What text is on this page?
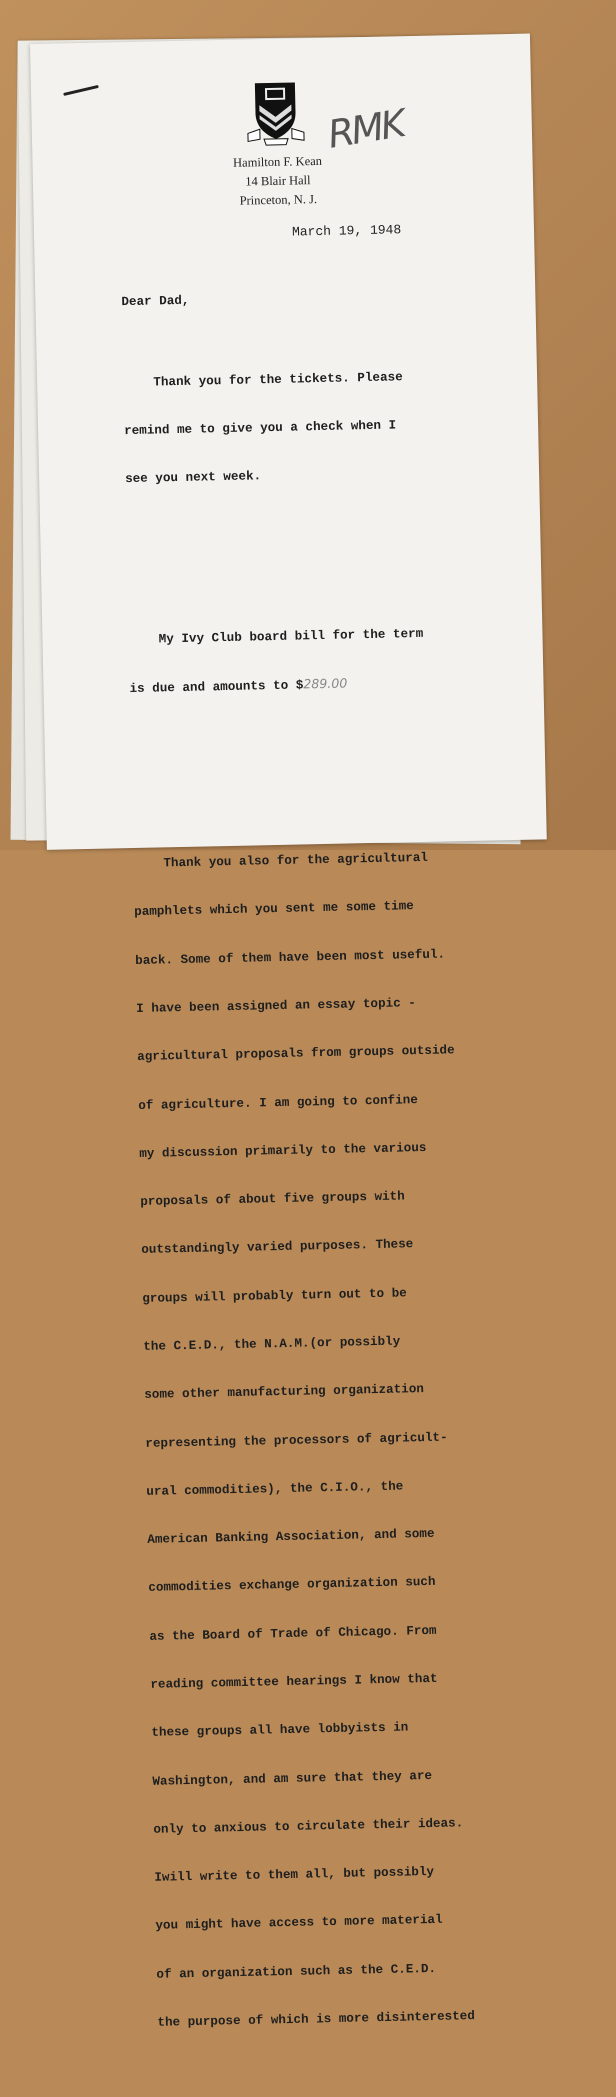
RMK
Hamilton F. Kean
14 Blair Hall
Princeton, N. J.
March 19, 1948

Dear Dad,

Thank you for the tickets. Please

remind me to give you a check when I

see you next week.

My Ivy Club board bill for the term

is due and amounts to $289.00

Thank you also for the agricultural

pamphlets which you sent me some time

back. Some of them have been most useful.

I have been assigned an essay topic -

agricultural proposals from groups outside

of agriculture. I am going to confine

my discussion primarily to the various

proposals of about five groups with

outstandingly varied purposes. These

groups will probably turn out to be

the C.E.D., the N.A.M.(or possibly

some other manufacturing organization

representing the processors of agricult-

ural commodities), the C.I.O., the

American Banking Association, and some

commodities exchange organization such

as the Board of Trade of Chicago. From

reading committee hearings I know that

these groups all have lobbyists in

Washington, and am sure that they are

only to anxious to circulate their ideas.

Iwill write to them all, but possibly

you might have access to more material

of an organization such as the C.E.D.

the purpose of which is more disinterested
